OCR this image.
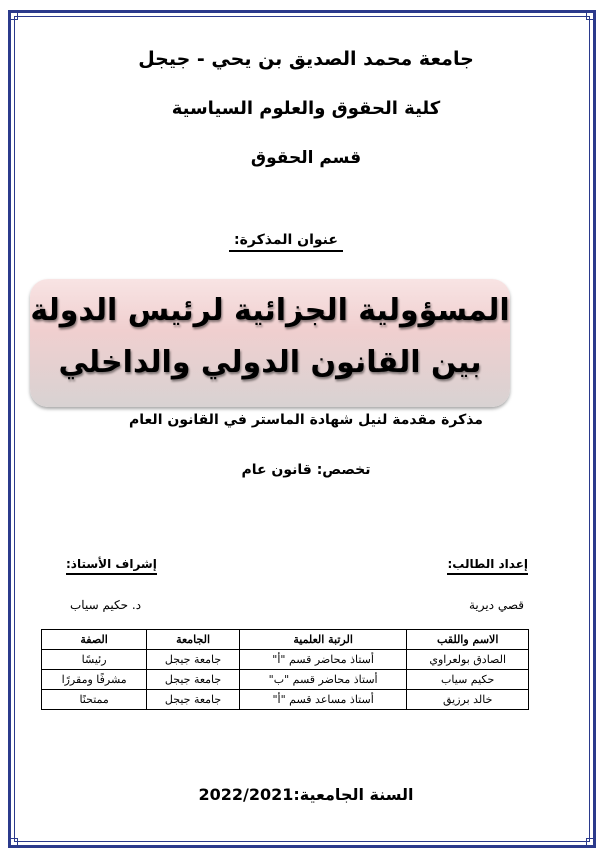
جامعة محمد الصديق بن يحي - جيجل
كلية الحقوق والعلوم السياسية
قسم الحقوق
عنوان المذكرة:
المسؤولية الجزائية لرئيس الدولة
بين القانون الدولي والداخلي
مذكرة مقدمة لنيل شهادة الماستر في القانون العام
تخصص: قانون عام
إعداد الطالب:
إشراف الأستاذ:
قصي ديرية
د. حكيم سياب
الاسم واللقب	الرتبة العلمية	الجامعة	الصفة
الصادق بولعراوي	أستاذ محاضر قسم "أ"	جامعة جيجل	رئيسًا
حكيم سياب	أستاذ محاضر قسم "ب"	جامعة جيجل	مشرفًا ومقررًا
خالد برزيق	أستاذ مساعد قسم "أ"	جامعة جيجل	ممتحنًا
السنة الجامعية:2022/2021
